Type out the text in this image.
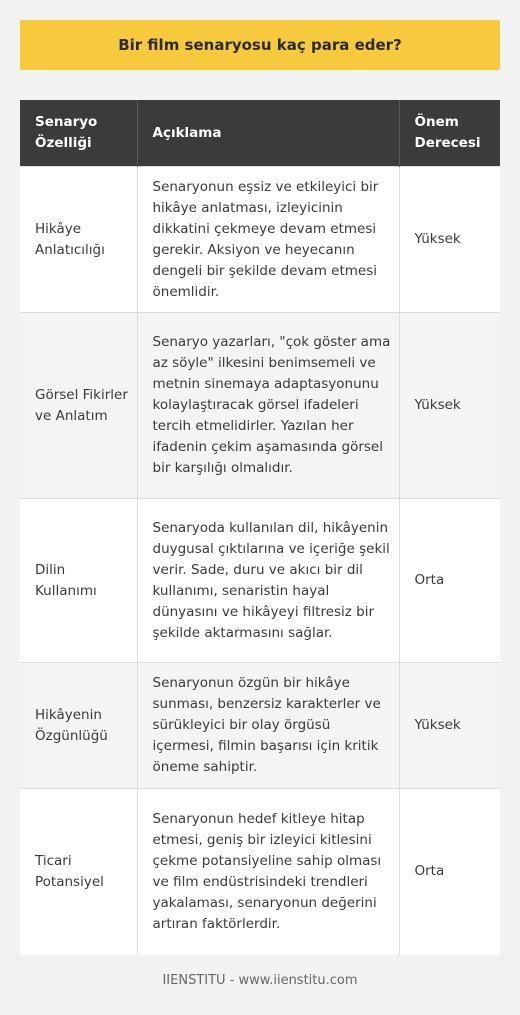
Bir film senaryosu kaç para eder?
Senaryo Özelliği	Açıklama	Önem Derecesi
Hikâye Anlatıcılığı	Senaryonun eşsiz ve etkileyici bir hikâye anlatması, izleyicinin dikkatini çekmeye devam etmesi gerekir. Aksiyon ve heyecanın dengeli bir şekilde devam etmesi önemlidir.	Yüksek
Görsel Fikirler ve Anlatım	Senaryo yazarları, "çok göster ama az söyle" ilkesini benimsemeli ve metnin sinemaya adaptasyonunu kolaylaştıracak görsel ifadeleri tercih etmelidirler. Yazılan her ifadenin çekim aşamasında görsel bir karşılığı olmalıdır.	Yüksek
Dilin Kullanımı	Senaryoda kullanılan dil, hikâyenin duygusal çıktılarına ve içeriğe şekil verir. Sade, duru ve akıcı bir dil kullanımı, senaristin hayal dünyasını ve hikâyeyi filtresiz bir şekilde aktarmasını sağlar.	Orta
Hikâyenin Özgünlüğü	Senaryonun özgün bir hikâye sunması, benzersiz karakterler ve sürükleyici bir olay örgüsü içermesi, filmin başarısı için kritik öneme sahiptir.	Yüksek
Ticari Potansiyel	Senaryonun hedef kitleye hitap etmesi, geniş bir izleyici kitlesini çekme potansiyeline sahip olması ve film endüstrisindeki trendleri yakalaması, senaryonun değerini artıran faktörlerdir.	Orta
IIENSTITU - www.iienstitu.com
